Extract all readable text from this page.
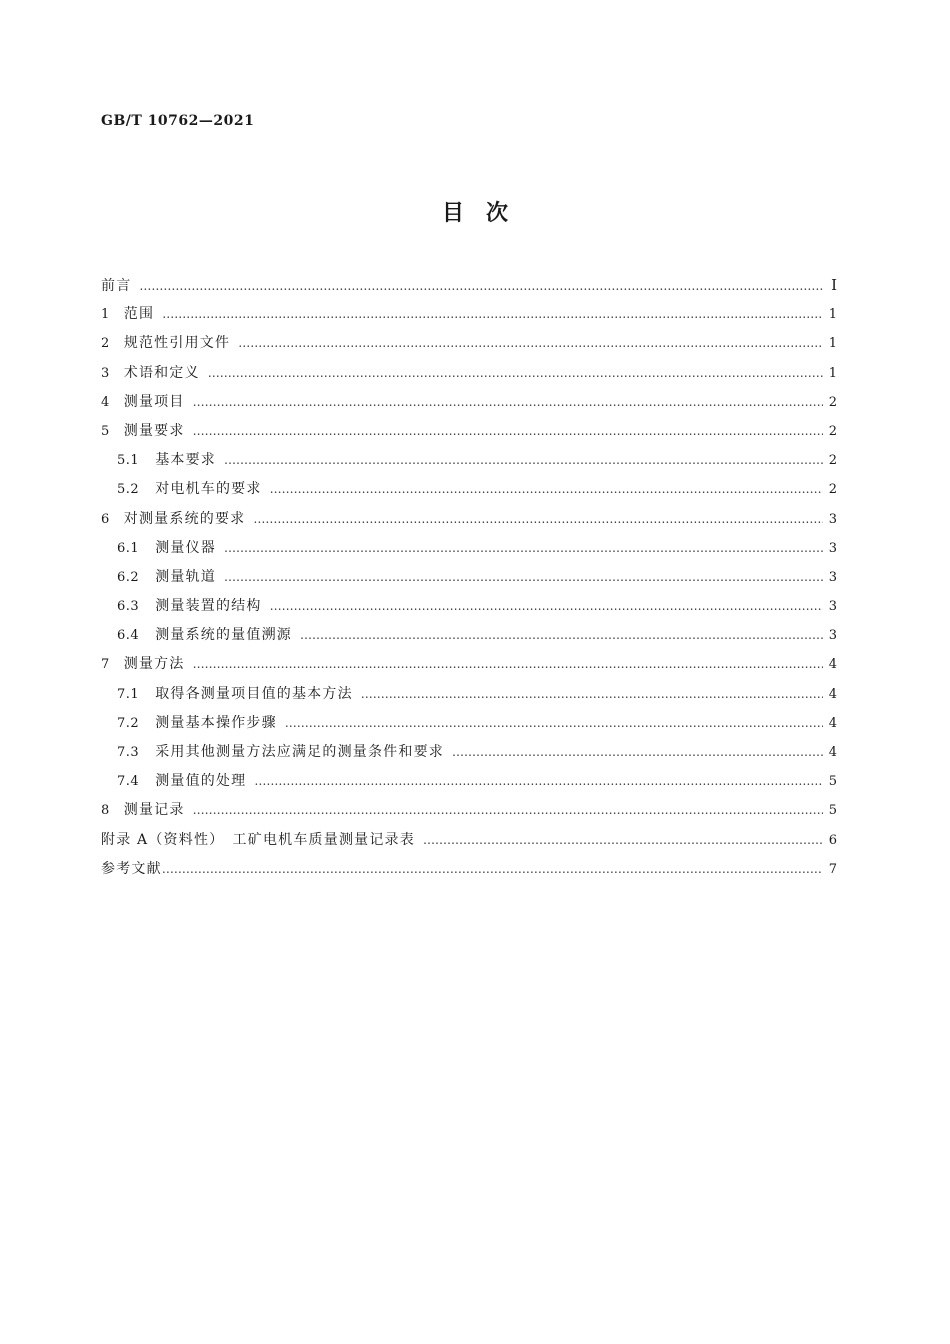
GB/T 10762—2021
目　次
前言 ……………………………………………………………………………………………………………………………………………………………………………………………………………………	Ⅰ
1 范围 ……………………………………………………………………………………………………………………………………………………………………………………………………………………	1
2 规范性引用文件 ……………………………………………………………………………………………………………………………………………………………………………………………………………………	1
3 术语和定义 ……………………………………………………………………………………………………………………………………………………………………………………………………………………	1
4 测量项目 ……………………………………………………………………………………………………………………………………………………………………………………………………………………	2
5 测量要求 ……………………………………………………………………………………………………………………………………………………………………………………………………………………	2
5.1 基本要求 ……………………………………………………………………………………………………………………………………………………………………………………………………………………	2
5.2 对电机车的要求 ……………………………………………………………………………………………………………………………………………………………………………………………………………………	2
6 对测量系统的要求 ……………………………………………………………………………………………………………………………………………………………………………………………………………………	3
6.1 测量仪器 ……………………………………………………………………………………………………………………………………………………………………………………………………………………	3
6.2 测量轨道 ……………………………………………………………………………………………………………………………………………………………………………………………………………………	3
6.3 测量装置的结构 ……………………………………………………………………………………………………………………………………………………………………………………………………………………	3
6.4 测量系统的量值溯源 ……………………………………………………………………………………………………………………………………………………………………………………………………………………	3
7 测量方法 ……………………………………………………………………………………………………………………………………………………………………………………………………………………	4
7.1 取得各测量项目值的基本方法 ……………………………………………………………………………………………………………………………………………………………………………………………………………………	4
7.2 测量基本操作步骤 ……………………………………………………………………………………………………………………………………………………………………………………………………………………	4
7.3 采用其他测量方法应满足的测量条件和要求 ……………………………………………………………………………………………………………………………………………………………………………………………………………………	4
7.4 测量值的处理 ……………………………………………………………………………………………………………………………………………………………………………………………………………………	5
8 测量记录 ……………………………………………………………………………………………………………………………………………………………………………………………………………………	5
附录 A（资料性）　工矿电机车质量测量记录表 ……………………………………………………………………………………………………………………………………………………………………………………………………………………	6
参考文献 ……………………………………………………………………………………………………………………………………………………………………………………………………………………	7
